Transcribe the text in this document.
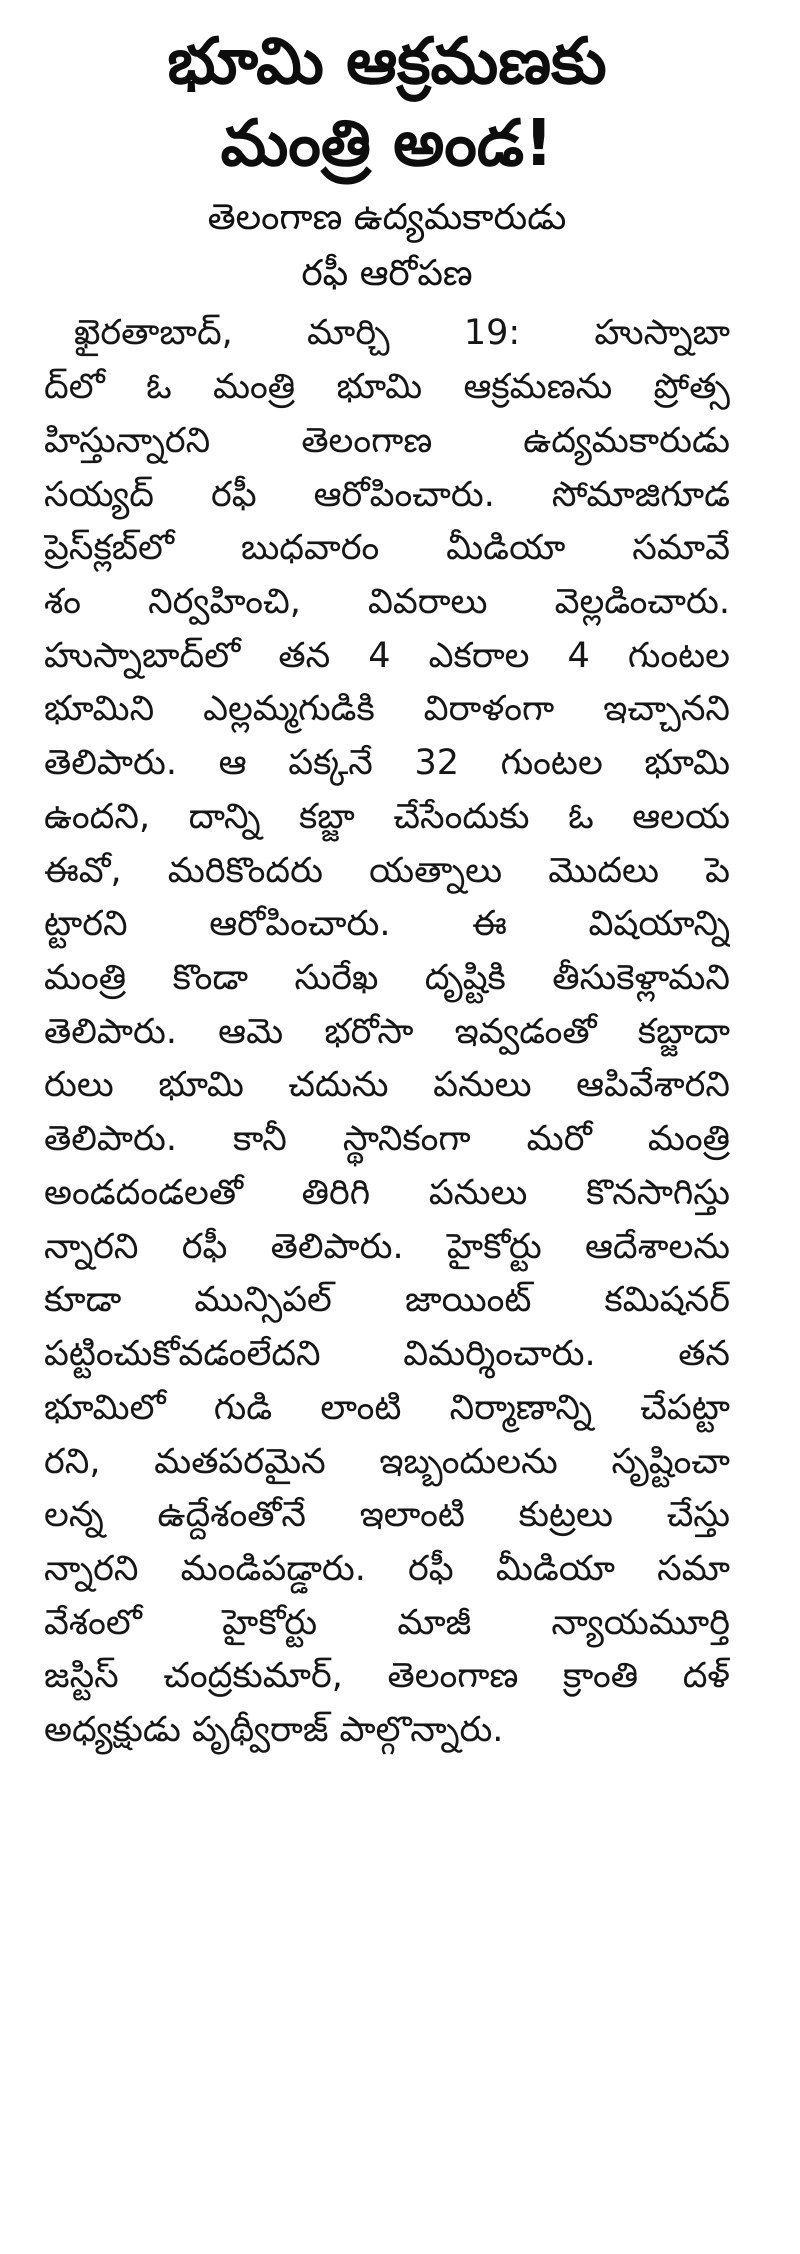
భూమి ఆక్రమణకు
మంత్రి అండ!
తెలంగాణ ఉద్యమకారుడు
రఫీ ఆరోపణ
ఖైరతాబాద్, మార్చి 19: హుస్నాబా
ద్‌లో ఓ మంత్రి భూమి ఆక్రమణను ప్రోత్స
హిస్తున్నారని తెలంగాణ ఉద్యమకారుడు
సయ్యద్ రఫీ ఆరోపించారు. సోమాజిగూడ
ప్రెస్‌క్లబ్‌లో బుధవారం మీడియా సమావే
శం నిర్వహించి, వివరాలు వెల్లడించారు.
హుస్నాబాద్‌లో తన 4 ఎకరాల 4 గుంటల
భూమిని ఎల్లమ్మగుడికి విరాళంగా ఇచ్చానని
తెలిపారు. ఆ పక్కనే 32 గుంటల భూమి
ఉందని, దాన్ని కబ్జా చేసేందుకు ఓ ఆలయ
ఈవో, మరికొందరు యత్నాలు మొదలు పె
ట్టారని ఆరోపించారు. ఈ విషయాన్ని
మంత్రి కొండా సురేఖ దృష్టికి తీసుకెళ్లామని
తెలిపారు. ఆమె భరోసా ఇవ్వడంతో కబ్జాదా
రులు భూమి చదును పనులు ఆపివేశారని
తెలిపారు. కానీ స్థానికంగా మరో మంత్రి
అండదండలతో తిరిగి పనులు కొనసాగిస్తు
న్నారని రఫీ తెలిపారు. హైకోర్టు ఆదేశాలను
కూడా మున్సిపల్ జాయింట్ కమిషనర్
పట్టించుకోవడంలేదని విమర్శించారు. తన
భూమిలో గుడి లాంటి నిర్మాణాన్ని చేపట్టా
రని, మతపరమైన ఇబ్బందులను సృష్టించా
లన్న ఉద్దేశంతోనే ఇలాంటి కుట్రలు చేస్తు
న్నారని మండిపడ్డారు. రఫీ మీడియా సమా
వేశంలో హైకోర్టు మాజీ న్యాయమూర్తి
జస్టిస్ చంద్రకుమార్, తెలంగాణ క్రాంతి దళ్
అధ్యక్షుడు పృథ్వీరాజ్ పాల్గొన్నారు.
